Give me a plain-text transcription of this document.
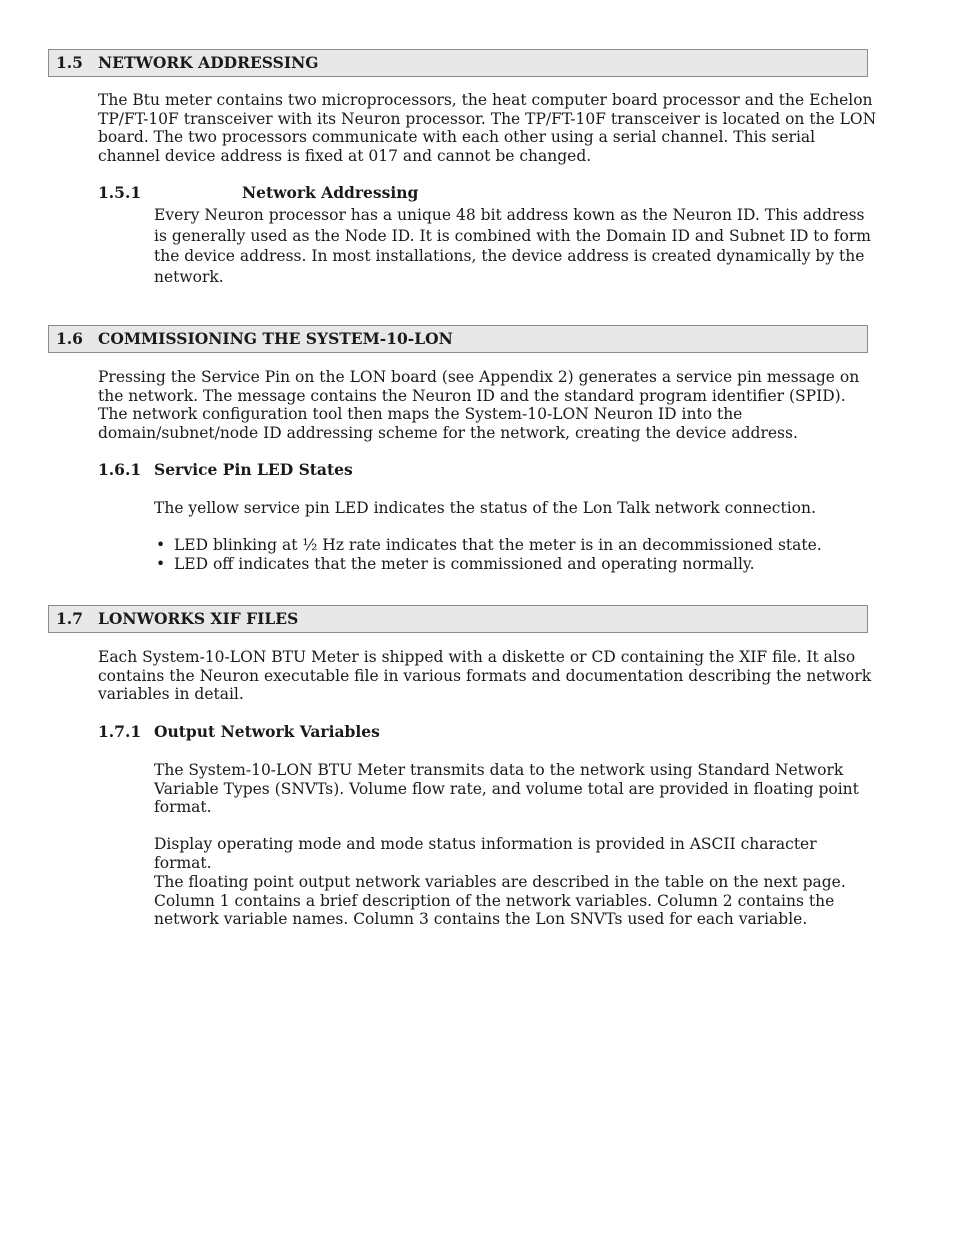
1.5 NETWORK ADDRESSING

The Btu meter contains two microprocessors, the heat computer board processor and the Echelon TP/FT-10F transceiver with its Neuron processor. The TP/FT-10F transceiver is located on the LON board. The two processors communicate with each other using a serial channel. This serial channel device address is fixed at 017 and cannot be changed.

1.5.1	Network Addressing

Every Neuron processor has a unique 48 bit address kown as the Neuron ID. This address is generally used as the Node ID. It is combined with the Domain ID and Subnet ID to form the device address. In most installations, the device address is created dynamically by the network.

1.6 COMMISSIONING THE SYSTEM-10-LON

Pressing the Service Pin on the LON board (see Appendix 2) generates a service pin message on the network. The message contains the Neuron ID and the standard program identifier (SPID). The network configuration tool then maps the System-10-LON Neuron ID into the domain/subnet/node ID addressing scheme for the network, creating the device address.

1.6.1 Service Pin LED States

The yellow service pin LED indicates the status of the Lon Talk network connection.

• LED blinking at ½ Hz rate indicates that the meter is in an decommissioned state.
• LED off indicates that the meter is commissioned and operating normally.
1.7 LONWORKS XIF FILES

Each System-10-LON BTU Meter is shipped with a diskette or CD containing the XIF file. It also contains the Neuron executable file in various formats and documentation describing the network variables in detail.

1.7.1 Output Network Variables

The System-10-LON BTU Meter transmits data to the network using Standard Network Variable Types (SNVTs). Volume flow rate, and volume total are provided in floating point format.

Display operating mode and mode status information is provided in ASCII character format.

The floating point output network variables are described in the table on the next page. Column 1 contains a brief description of the network variables. Column 2 contains the network variable names. Column 3 contains the Lon SNVTs used for each variable.
